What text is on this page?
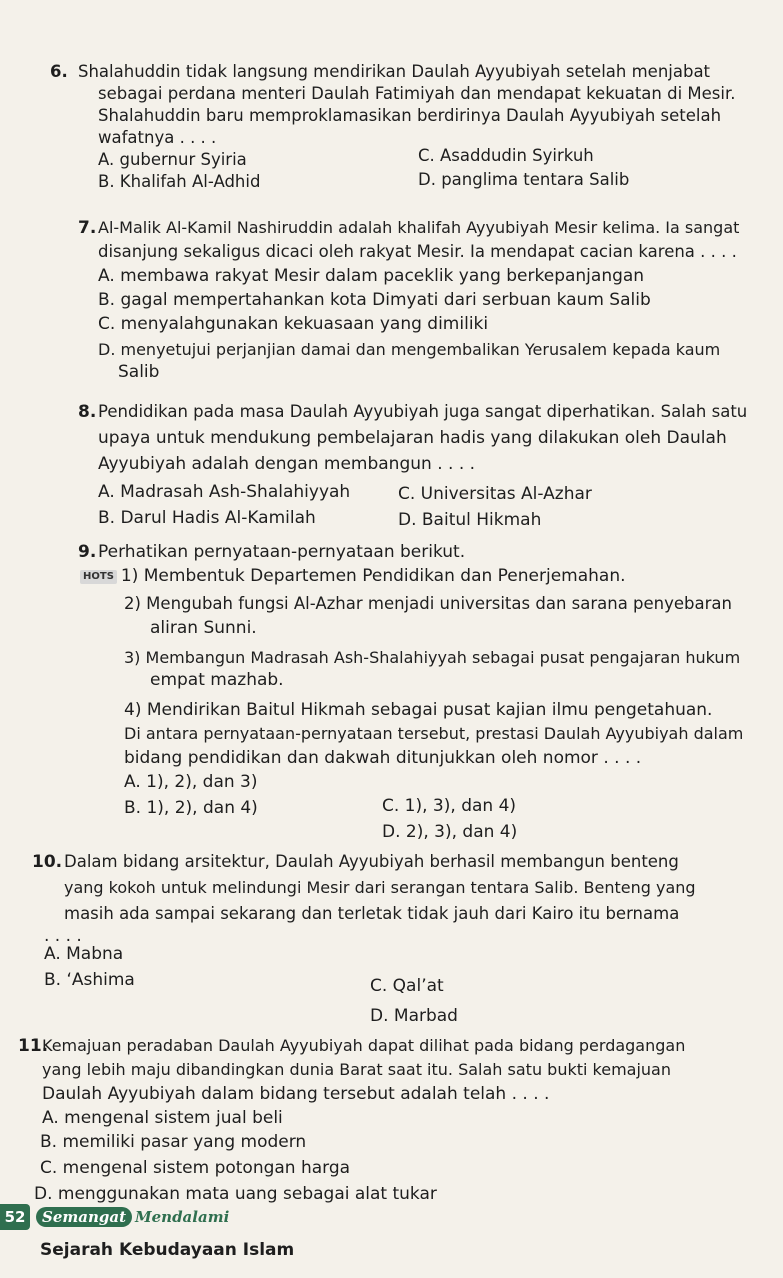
6. Shalahuddin tidak langsung mendirikan Daulah Ayyubiyah setelah menjabat
sebagai perdana menteri Daulah Fatimiyah dan mendapat kekuatan di Mesir.
Shalahuddin baru memproklamasikan berdirinya Daulah Ayyubiyah setelah
wafatnya . . . .
A. gubernur Syiria
B. Khalifah Al-Adhid
C. Asaddudin Syirkuh
D. panglima tentara Salib
7. Al-Malik Al-Kamil Nashiruddin adalah khalifah Ayyubiyah Mesir kelima. Ia sangat
disanjung sekaligus dicaci oleh rakyat Mesir. Ia mendapat cacian karena . . . .
A. membawa rakyat Mesir dalam paceklik yang berkepanjangan
B. gagal mempertahankan kota Dimyati dari serbuan kaum Salib
C. menyalahgunakan kekuasaan yang dimiliki
D. menyetujui perjanjian damai dan mengembalikan Yerusalem kepada kaum
Salib
8. Pendidikan pada masa Daulah Ayyubiyah juga sangat diperhatikan. Salah satu
upaya untuk mendukung pembelajaran hadis yang dilakukan oleh Daulah
Ayyubiyah adalah dengan membangun . . . .
A. Madrasah Ash-Shalahiyyah
B. Darul Hadis Al-Kamilah
C. Universitas Al-Azhar
D. Baitul Hikmah
9. Perhatikan pernyataan-pernyataan berikut.
HOTS 1) Membentuk Departemen Pendidikan dan Penerjemahan.
2) Mengubah fungsi Al-Azhar menjadi universitas dan sarana penyebaran
aliran Sunni.
3) Membangun Madrasah Ash-Shalahiyyah sebagai pusat pengajaran hukum
empat mazhab.
4) Mendirikan Baitul Hikmah sebagai pusat kajian ilmu pengetahuan.
Di antara pernyataan-pernyataan tersebut, prestasi Daulah Ayyubiyah dalam
bidang pendidikan dan dakwah ditunjukkan oleh nomor . . . .
A. 1), 2), dan 3)
B. 1), 2), dan 4)	C. 1), 3), dan 4)
D. 2), 3), dan 4)
10. Dalam bidang arsitektur, Daulah Ayyubiyah berhasil membangun benteng
yang kokoh untuk melindungi Mesir dari serangan tentara Salib. Benteng yang
masih ada sampai sekarang dan terletak tidak jauh dari Kairo itu bernama
. . . .
A. Mabna
B. ‘Ashima	C. Qal’at
D. Marbad
11.
Kemajuan peradaban Daulah Ayyubiyah dapat dilihat pada bidang perdagangan
yang lebih maju dibandingkan dunia Barat saat itu. Salah satu bukti kemajuan
Daulah Ayyubiyah dalam bidang tersebut adalah telah . . . .
A. mengenal sistem jual beli
B. memiliki pasar yang modern
C. mengenal sistem potongan harga
D. menggunakan mata uang sebagai alat tukar
52	Semangat Mendalami
Sejarah Kebudayaan Islam
